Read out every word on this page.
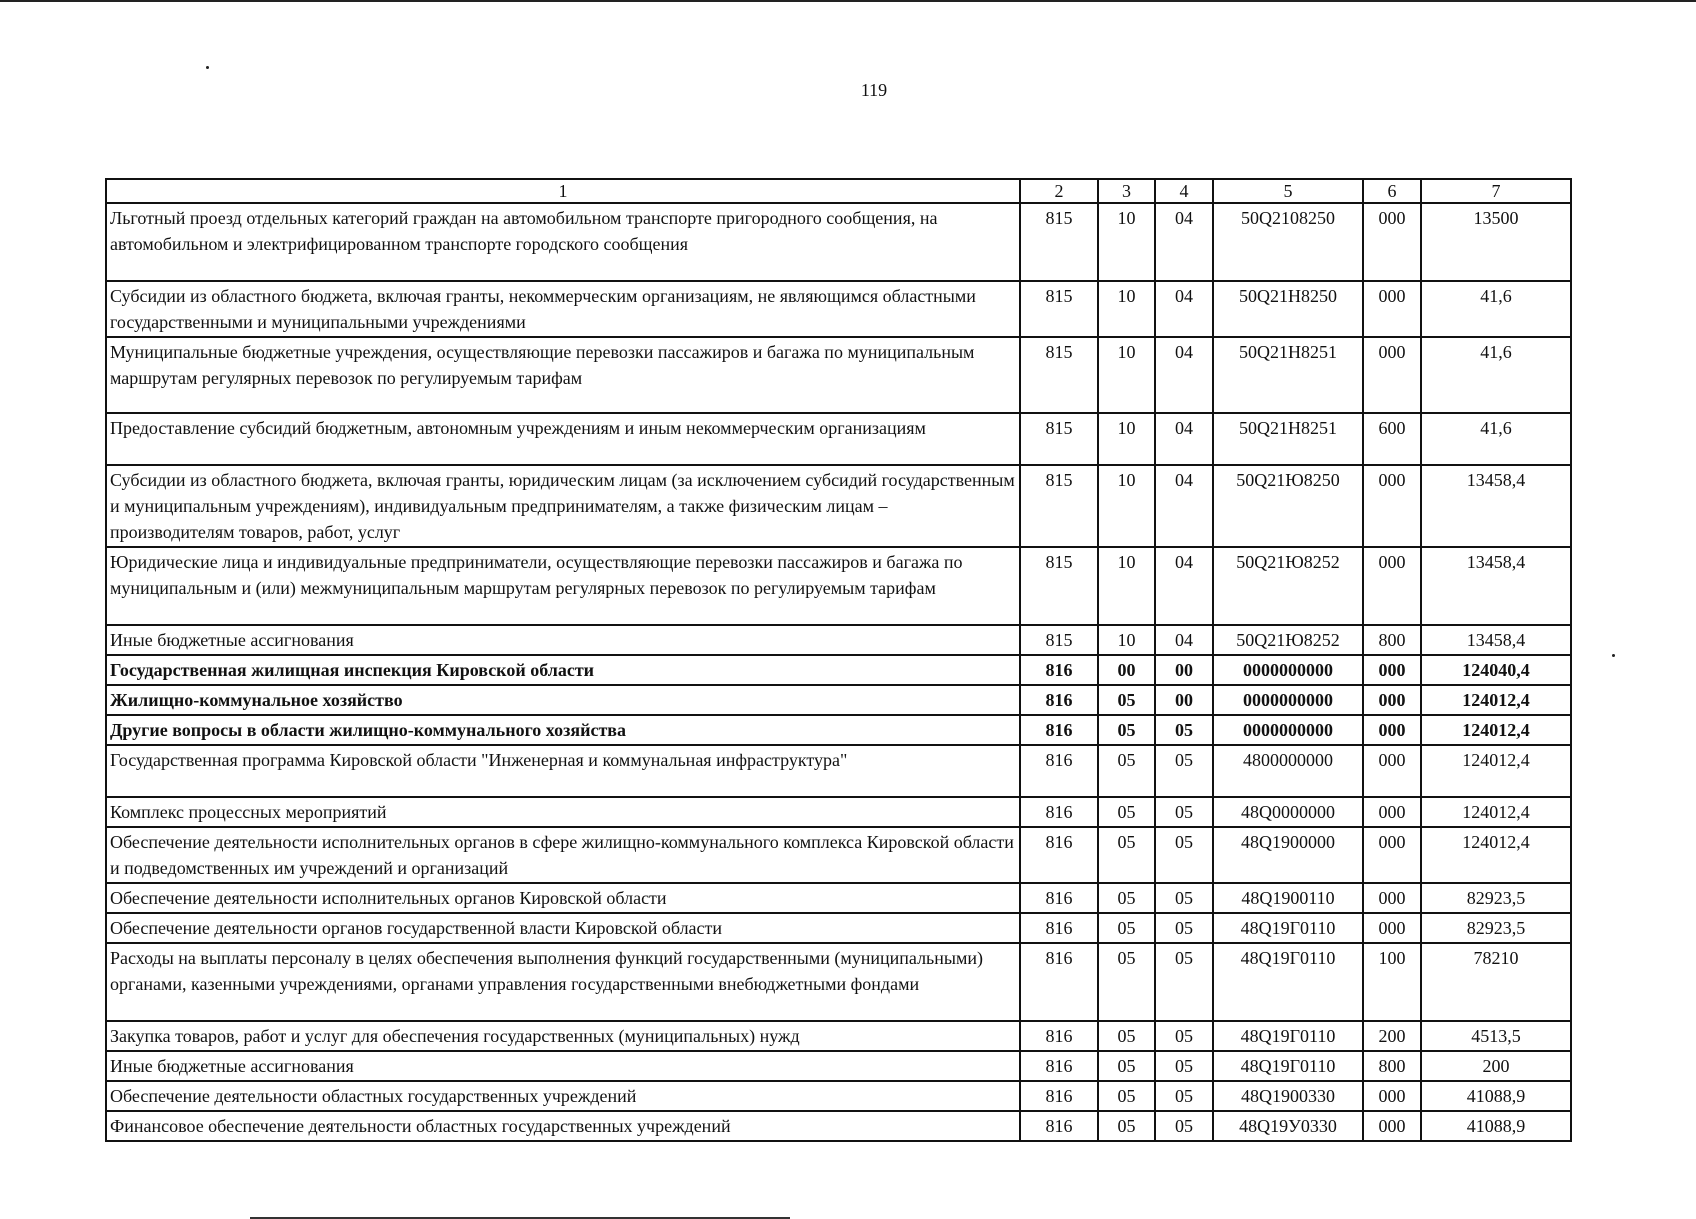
119
1	2	3	4	5	6	7
Льготный проезд отдельных категорий граждан на автомобильном транспорте пригородного сообщения, на автомобильном и электрифицированном транспорте городского сообщения	815	10	04	50Q2108250	000	13500
Субсидии из областного бюджета, включая гранты, некоммерческим организациям, не являющимся областными государственными и муниципальными учреждениями	815	10	04	50Q21Н8250	000	41,6
Муниципальные бюджетные учреждения, осуществляющие перевозки пассажиров и багажа по муниципальным маршрутам регулярных перевозок по регулируемым тарифам	815	10	04	50Q21Н8251	000	41,6
Предоставление субсидий бюджетным, автономным учреждениям и иным некоммерческим организациям	815	10	04	50Q21Н8251	600	41,6
Субсидии из областного бюджета, включая гранты, юридическим лицам (за исключением субсидий государственным и муниципальным учреждениям), индивидуальным предпринимателям, а также физическим лицам – производителям товаров, работ, услуг	815	10	04	50Q21Ю8250	000	13458,4
Юридические лица и индивидуальные предприниматели, осуществляющие перевозки пассажиров и багажа по муниципальным и (или) межмуниципальным маршрутам регулярных перевозок по регулируемым тарифам	815	10	04	50Q21Ю8252	000	13458,4
Иные бюджетные ассигнования	815	10	04	50Q21Ю8252	800	13458,4
Государственная жилищная инспекция Кировской области	816	00	00	0000000000	000	124040,4
Жилищно-коммунальное хозяйство	816	05	00	0000000000	000	124012,4
Другие вопросы в области жилищно-коммунального хозяйства	816	05	05	0000000000	000	124012,4
Государственная программа Кировской области "Инженерная и коммунальная инфраструктура"	816	05	05	4800000000	000	124012,4
Комплекс процессных мероприятий	816	05	05	48Q0000000	000	124012,4
Обеспечение деятельности исполнительных органов в сфере жилищно-коммунального комплекса Кировской области и подведомственных им учреждений и организаций	816	05	05	48Q1900000	000	124012,4
Обеспечение деятельности исполнительных органов Кировской области	816	05	05	48Q1900110	000	82923,5
Обеспечение деятельности органов государственной власти Кировской области	816	05	05	48Q19Г0110	000	82923,5
Расходы на выплаты персоналу в целях обеспечения выполнения функций государственными (муниципальными) органами, казенными учреждениями, органами управления государственными внебюджетными фондами	816	05	05	48Q19Г0110	100	78210
Закупка товаров, работ и услуг для обеспечения государственных (муниципальных) нужд	816	05	05	48Q19Г0110	200	4513,5
Иные бюджетные ассигнования	816	05	05	48Q19Г0110	800	200
Обеспечение деятельности областных государственных учреждений	816	05	05	48Q1900330	000	41088,9
Финансовое обеспечение деятельности областных государственных учреждений	816	05	05	48Q19У0330	000	41088,9
